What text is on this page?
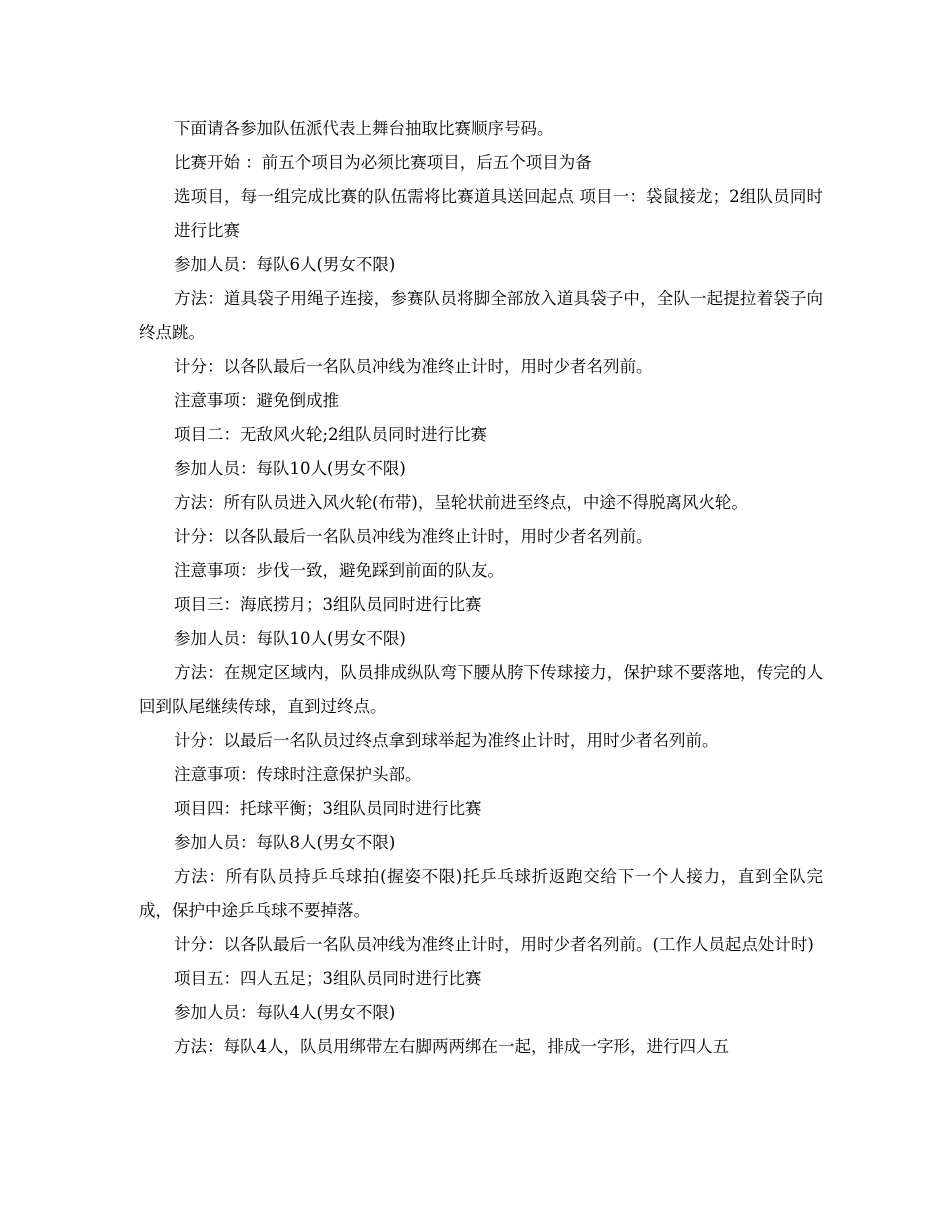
下面请各参加队伍派代表上舞台抽取比赛顺序号码。

比赛开始 ：前五个项目为必须比赛项目，后五个项目为备

选项目，每一组完成比赛的队伍需将比赛道具送回起点 项目一：袋鼠接龙；2组队员同时进行比赛

参加人员：每队6人(男女不限)

方法：道具袋子用绳子连接，参赛队员将脚全部放入道具袋子中，全队一起提拉着袋子向终点跳。

计分：以各队最后一名队员冲线为准终止计时，用时少者名列前。

注意事项：避免倒成推

项目二：无敌风火轮;2组队员同时进行比赛

参加人员：每队10人(男女不限)

方法：所有队员进入风火轮(布带)，呈轮状前进至终点，中途不得脱离风火轮。

计分：以各队最后一名队员冲线为准终止计时，用时少者名列前。

注意事项：步伐一致，避免踩到前面的队友。

项目三：海底捞月；3组队员同时进行比赛

参加人员：每队10人(男女不限)

方法：在规定区域内，队员排成纵队弯下腰从胯下传球接力，保护球不要落地，传完的人回到队尾继续传球，直到过终点。

计分：以最后一名队员过终点拿到球举起为准终止计时，用时少者名列前。

注意事项：传球时注意保护头部。

项目四：托球平衡；3组队员同时进行比赛

参加人员：每队8人(男女不限)

方法：所有队员持乒乓球拍(握姿不限)托乒乓球折返跑交给下一个人接力，直到全队完成，保护中途乒乓球不要掉落。

计分：以各队最后一名队员冲线为准终止计时，用时少者名列前。(工作人员起点处计时)

项目五：四人五足；3组队员同时进行比赛

参加人员：每队4人(男女不限)

方法：每队4人，队员用绑带左右脚两两绑在一起，排成一字形，进行四人五
